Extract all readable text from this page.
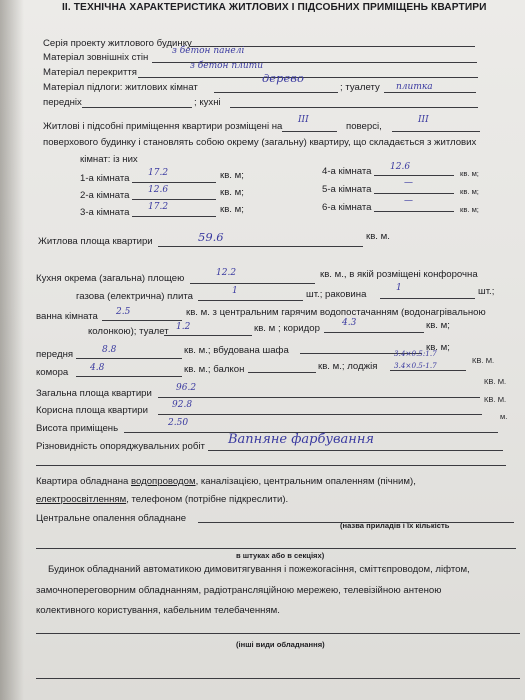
II. ТЕХНІЧНА ХАРАКТЕРИСТИКА ЖИТЛОВИХ І ПІДСОБНИХ ПРИМІЩЕНЬ КВАРТИРИ
Серія проекту житлового будинку
Матеріал зовнішніх стін
з бетон панелі
Матеріал перекриття
з бетон плити
Матеріал підлоги: житлових кімнат
дерево
; туалету плитка
передніх	; кухні
Житлові і підсобні приміщення квартири розміщені на
ІІІ
поверсі,
ІІІ
поверхового будинку і становлять собою окрему (загальну) квартиру, що складається з житлових
кімнат: із них
1-а кімната 17.2	кв. м;
2-а кімната 12.6	кв. м;
3-а кімната 17.2	кв. м;
4-а кімната 12.6
кв. м;
5-а кімната
—
кв. м;
6-а кімната
—
кв. м;
Житлова площа квартири	59.6	кв. м.
Кухня окрема (загальна) площею	12.2	кв. м., в якій розміщені конфорочна
газова (електрична) плита	1	шт.; раковина
1	шт.;
ванна кімната 2.5	кв. м. з центральним гарячим водопостачанням (водонагрівальною
колонкою); туалет 1.2	кв. м ; коридор 4.3	кв. м;
передня	8.8	кв. м.; вбудована шафа	кв. м;
комора 4.8	кв. м.; балкон	кв. м.; лоджія
3.4×0.5:1.7
3.4×0.5-1.7
КВ. М.
Загальна площа квартири	96.2
КВ. М.
Корисна площа квартири	92.8
КВ. М.
Висота приміщень	2.50
м.
Різновидність опоряджувальних робіт Вапняне фарбування
Квартира обладнана водопроводом, каналізацією, центральним опаленням (пічним),
електроосвітленням, телефоном (потрібне підкреслити).
Центральне опалення обладнане
(назва приладів і їх кількість
в штуках або в секціях)
Будинок обладнаний автоматикою димовитягування і пожежогасіння, сміттєпроводом, ліфтом,
замочнопереговорним обладнанням, радіотрансляційною мережею, телевізійною антеною
колективного користування, кабельним телебаченням.
(інші види обладнання)
